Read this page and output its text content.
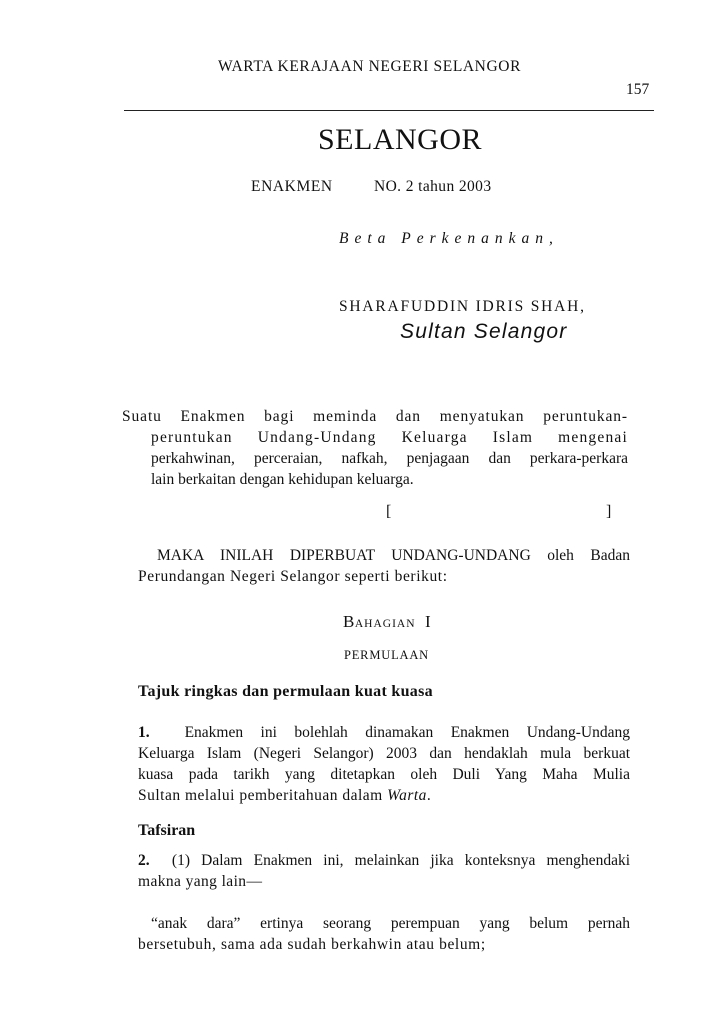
WARTA KERAJAAN NEGERI SELANGOR
157
SELANGOR
ENAKMEN	NO. 2 tahun 2003
Beta Perkenankan,
SHARAFUDDIN IDRIS SHAH,
Sultan Selangor
Suatu Enakmen bagi meminda dan menyatukan peruntukan-
peruntukan Undang-Undang Keluarga Islam mengenai
perkahwinan, perceraian, nafkah, penjagaan dan perkara-perkara
lain berkaitan dengan kehidupan keluarga.
[	]
MAKA INILAH DIPERBUAT UNDANG-UNDANG oleh Badan
Perundangan Negeri Selangor seperti berikut:
BAHAGIAN I
PERMULAAN
Tajuk ringkas dan permulaan kuat kuasa
1. Enakmen ini bolehlah dinamakan Enakmen Undang-Undang
Keluarga Islam (Negeri Selangor) 2003 dan hendaklah mula berkuat
kuasa pada tarikh yang ditetapkan oleh Duli Yang Maha Mulia
Sultan melalui pemberitahuan dalam Warta.
Tafsiran
2. (1) Dalam Enakmen ini, melainkan jika konteksnya menghendaki
makna yang lain—
“anak dara” ertinya seorang perempuan yang belum pernah
bersetubuh, sama ada sudah berkahwin atau belum;
